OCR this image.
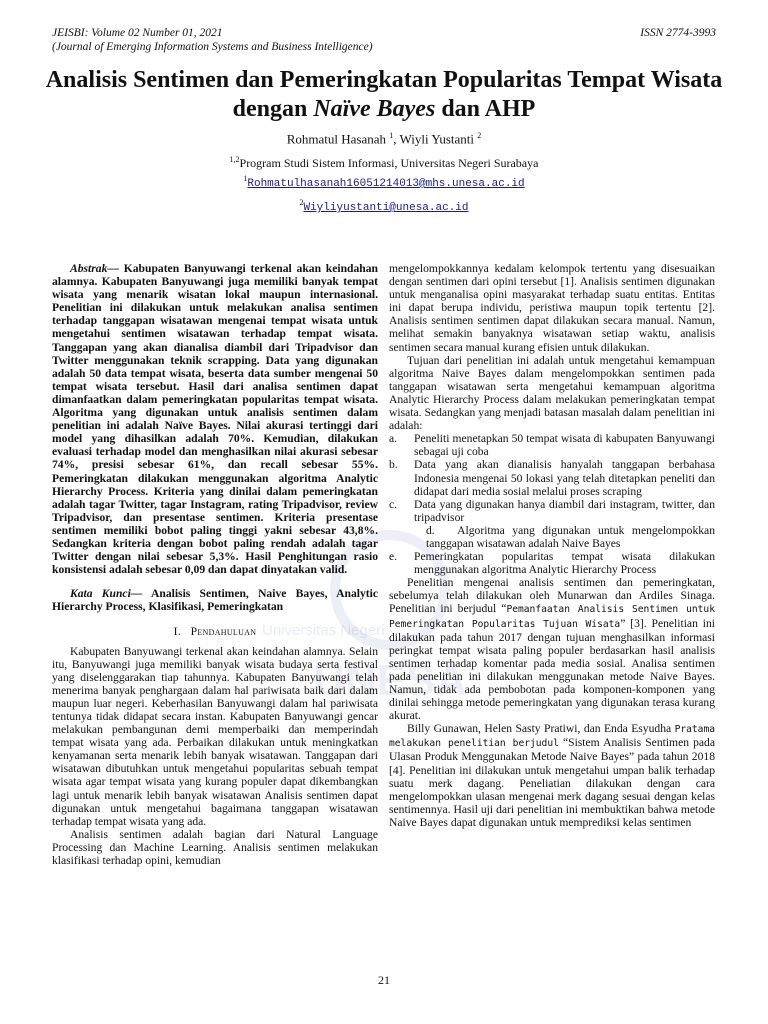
UNESA
Universitas Negeri
JEISBI: Volume 02 Number 01, 2021	ISSN 2774-3993
(Journal of Emerging Information Systems and Business Intelligence)
Analisis Sentimen dan Pemeringkatan Popularitas Tempat Wisata dengan Naïve Bayes dan AHP
Rohmatul Hasanah $^1$, Wiyli Yustanti $^2$
$^{1,2}$Program Studi Sistem Informasi, Universitas Negeri Surabaya
$^1$Rohmatulhasanah16051214013@mhs.unesa.ac.id
$^2$Wiyliyustanti@unesa.ac.id

Abstrak— Kabupaten Banyuwangi terkenal akan keindahan alamnya. Kabupaten Banyuwangi juga memiliki banyak tempat wisata yang menarik wisatan lokal maupun internasional. Penelitian ini dilakukan untuk melakukan analisa sentimen terhadap tanggapan wisatawan mengenai tempat wisata untuk mengetahui sentimen wisatawan terhadap tempat wisata. Tanggapan yang akan dianalisa diambil dari Tripadvisor dan Twitter menggunakan teknik scrapping. Data yang digunakan adalah 50 data tempat wisata, beserta data sumber mengenai 50 tempat wisata tersebut. Hasil dari analisa sentimen dapat dimanfaatkan dalam pemeringkatan popularitas tempat wisata. Algoritma yang digunakan untuk analisis sentimen dalam penelitian ini adalah Naïve Bayes. Nilai akurasi tertinggi dari model yang dihasilkan adalah 70%. Kemudian, dilakukan evaluasi terhadap model dan menghasilkan nilai akurasi sebesar 74%, presisi sebesar 61%, dan recall sebesar 55%. Pemeringkatan dilakukan menggunakan algoritma Analytic Hierarchy Process. Kriteria yang dinilai dalam pemeringkatan adalah tagar Twitter, tagar Instagram, rating Tripadvisor, review Tripadvisor, dan presentase sentimen. Kriteria presentase sentimen memiliki bobot paling tinggi yakni sebesar 43,8%. Sedangkan kriteria dengan bobot paling rendah adalah tagar Twitter dengan nilai sebesar 5,3%. Hasil Penghitungan rasio konsistensi adalah sebesar 0,09 dan dapat dinyatakan valid.

Kata Kunci— Analisis Sentimen, Naive Bayes, Analytic Hierarchy Process, Klasifikasi, Pemeringkatan

I. Pendahuluan

Kabupaten Banyuwangi terkenal akan keindahan alamnya. Selain itu, Banyuwangi juga memiliki banyak wisata budaya serta festival yang diselenggarakan tiap tahunnya. Kabupaten Banyuwangi telah menerima banyak penghargaan dalam hal pariwisata baik dari dalam maupun luar negeri. Keberhasilan Banyuwangi dalam hal pariwisata tentunya tidak didapat secara instan. Kabupaten Banyuwangi gencar melakukan pembangunan demi memperbaiki dan memperindah tempat wisata yang ada. Perbaikan dilakukan untuk meningkatkan kenyamanan serta menarik lebih banyak wisatawan. Tanggapan dari wisatawan dibutuhkan untuk mengetahui popularitas sebuah tempat wisata agar tempat wisata yang kurang populer dapat dikembangkan lagi untuk menarik lebih banyak wisatawan Analisis sentimen dapat digunakan untuk mengetahui bagaimana tanggapan wisatawan terhadap tempat wisata yang ada.

Analisis sentimen adalah bagian dari Natural Language Processing dan Machine Learning. Analisis sentimen melakukan klasifikasi terhadap opini, kemudian

mengelompokkannya kedalam kelompok tertentu yang disesuaikan dengan sentimen dari opini tersebut [1]. Analisis sentimen digunakan untuk menganalisa opini masyarakat terhadap suatu entitas. Entitas ini dapat berupa individu, peristiwa maupun topik tertentu [2]. Analisis sentimen sentimen dapat dilakukan secara manual. Namun, melihat semakin banyaknya wisatawan setiap waktu, analisis sentimen secara manual kurang efisien untuk dilakukan.

Tujuan dari penelitian ini adalah untuk mengetahui kemampuan algoritma Naive Bayes dalam mengelompokkan sentimen pada tanggapan wisatawan serta mengetahui kemampuan algoritma Analytic Hierarchy Process dalam melakukan pemeringkatan tempat wisata. Sedangkan yang menjadi batasan masalah dalam penelitian ini adalah:

a.	Peneliti menetapkan 50 tempat wisata di kabupaten Banyuwangi sebagai uji coba
b.	Data yang akan dianalisis hanyalah tanggapan berbahasa Indonesia mengenai 50 lokasi yang telah ditetapkan peneliti dan didapat dari media sosial melalui proses scraping
c.	Data yang digunakan hanya diambil dari instagram, twitter, dan tripadvisor
d. Algoritma yang digunakan untuk mengelompokkan tanggapan wisatawan adalah Naive Bayes
e.	Pemeringkatan popularitas tempat wisata dilakukan menggunakan algoritma Analytic Hierarchy Process

Penelitian mengenai analisis sentimen dan pemeringkatan, sebelumya telah dilakukan oleh Munarwan dan Ardiles Sinaga. Penelitian ini berjudul “Pemanfaatan Analisis Sentimen untuk Pemeringkatan Popularitas Tujuan Wisata” [3]. Penelitian ini dilakukan pada tahun 2017 dengan tujuan menghasilkan informasi peringkat tempat wisata paling populer berdasarkan hasil analisis sentimen terhadap komentar pada media sosial. Analisa sentimen pada penelitian ini dilakukan menggunakan metode Naive Bayes. Namun, tidak ada pembobotan pada komponen-komponen yang dinilai sehingga metode pemeringkatan yang digunakan terasa kurang akurat.

Billy Gunawan, Helen Sasty Pratiwi, dan Enda Esyudha Pratama melakukan penelitian berjudul “Sistem Analisis Sentimen pada Ulasan Produk Menggunakan Metode Naive Bayes” pada tahun 2018 [4]. Penelitian ini dilakukan untuk mengetahui umpan balik terhadap suatu merk dagang. Peneliatian dilakukan dengan cara mengelompokkan ulasan mengenai merk dagang sesuai dengan kelas sentimennya. Hasil uji dari penelitian ini membuktikan bahwa metode Naive Bayes dapat digunakan untuk memprediksi kelas sentimen

21
